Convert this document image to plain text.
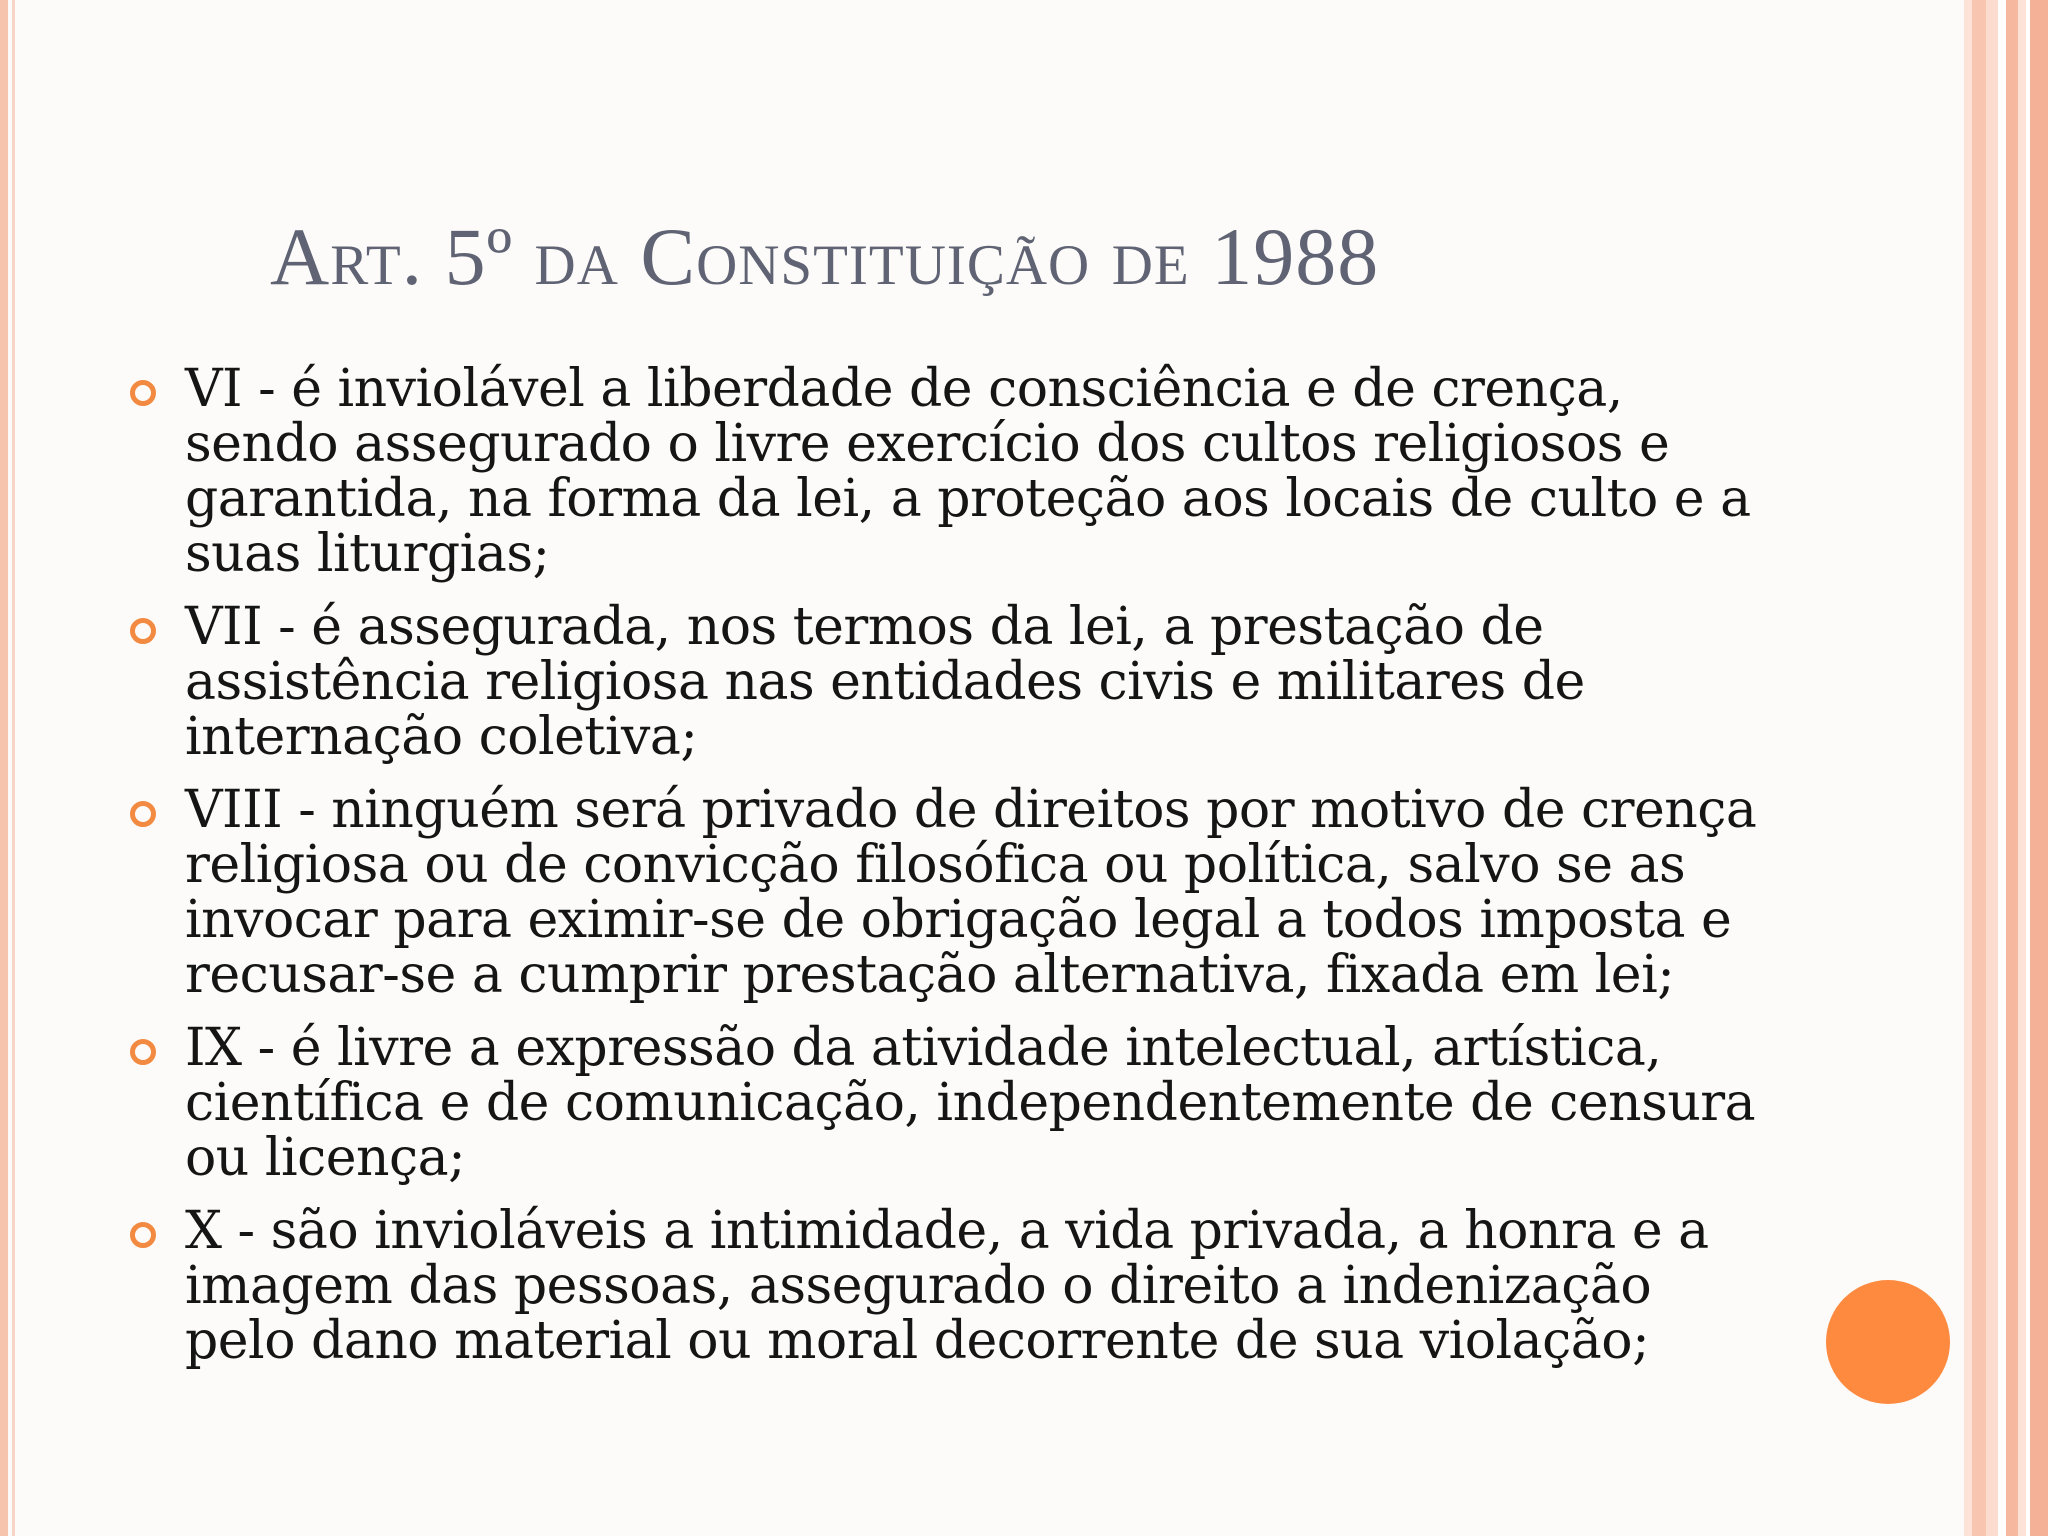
Art. 5º da Constituição de 1988
VI - é inviolável a liberdade de consciência e de crença, sendo assegurado o livre exercício dos cultos religiosos e garantida, na forma da lei, a proteção aos locais de culto e a suas liturgias;
VII - é assegurada, nos termos da lei, a prestação de assistência religiosa nas entidades civis e militares de internação coletiva;
VIII - ninguém será privado de direitos por motivo de crença religiosa ou de convicção filosófica ou política, salvo se as invocar para eximir-se de obrigação legal a todos imposta e recusar-se a cumprir prestação alternativa, fixada em lei;
IX - é livre a expressão da atividade intelectual, artística, científica e de comunicação, independentemente de censura ou licença;
X - são invioláveis a intimidade, a vida privada, a honra e a imagem das pessoas, assegurado o direito a indenização pelo dano material ou moral decorrente de sua violação;
